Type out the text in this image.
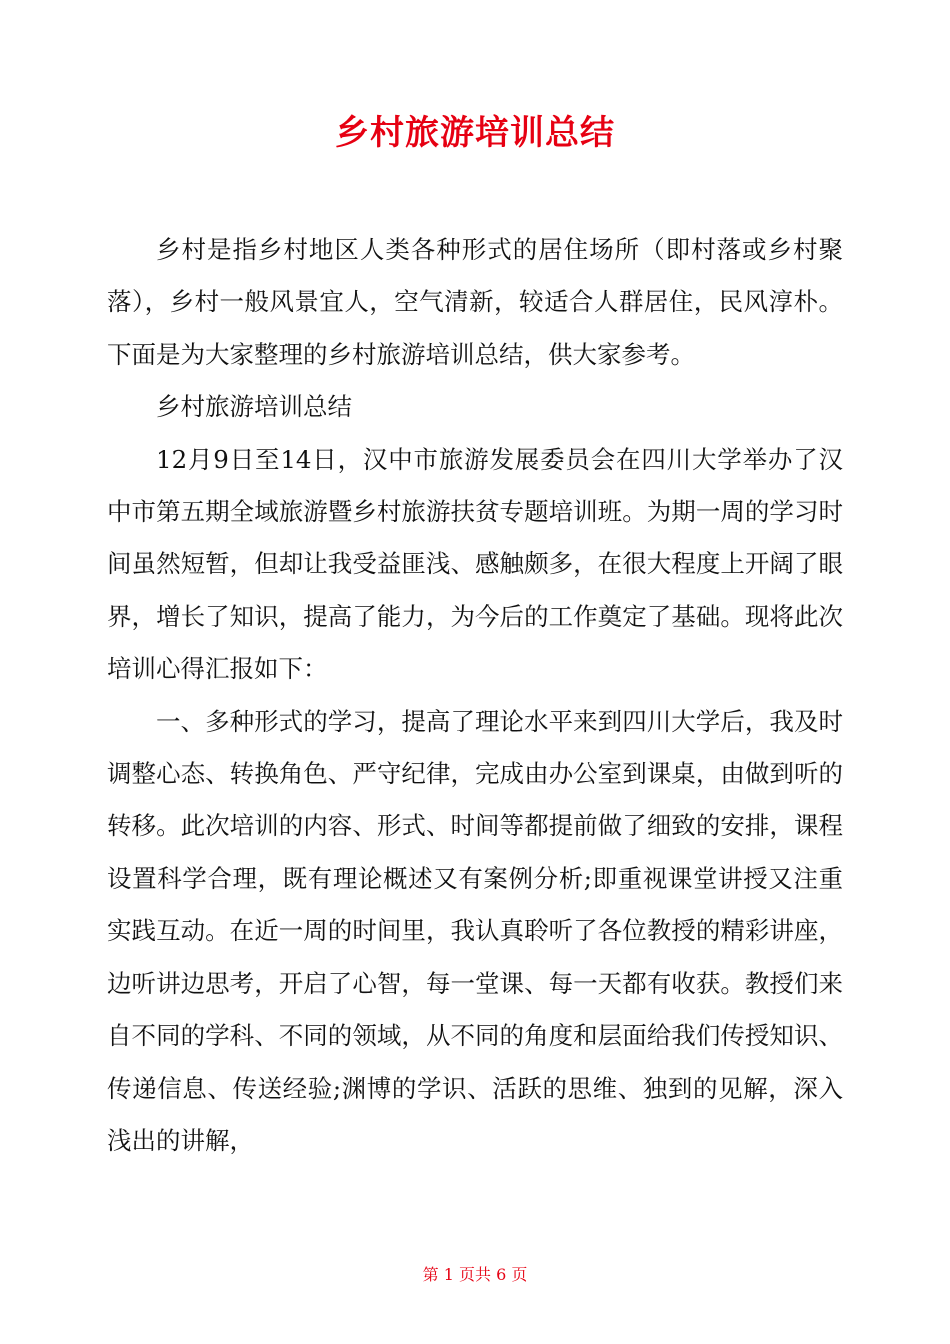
乡村旅游培训总结

乡村是指乡村地区人类各种形式的居住场所（即村落或乡村聚落），乡村一般风景宜人，空气清新，较适合人群居住，民风淳朴。下面是为大家整理的乡村旅游培训总结，供大家参考。

乡村旅游培训总结

12月9日至14日，汉中市旅游发展委员会在四川大学举办了汉中市第五期全域旅游暨乡村旅游扶贫专题培训班。为期一周的学习时间虽然短暂，但却让我受益匪浅、感触颇多，在很大程度上开阔了眼界，增长了知识，提高了能力，为今后的工作奠定了基础。现将此次培训心得汇报如下：

一、多种形式的学习，提高了理论水平来到四川大学后，我及时调整心态、转换角色、严守纪律，完成由办公室到课桌，由做到听的转移。此次培训的内容、形式、时间等都提前做了细致的安排，课程设置科学合理，既有理论概述又有案例分析;即重视课堂讲授又注重实践互动。在近一周的时间里，我认真聆听了各位教授的精彩讲座，边听讲边思考，开启了心智，每一堂课、每一天都有收获。教授们来自不同的学科、不同的领域，从不同的角度和层面给我们传授知识、传递信息、传送经验;渊博的学识、活跃的思维、独到的见解，深入浅出的讲解，

第 1 页共 6 页
